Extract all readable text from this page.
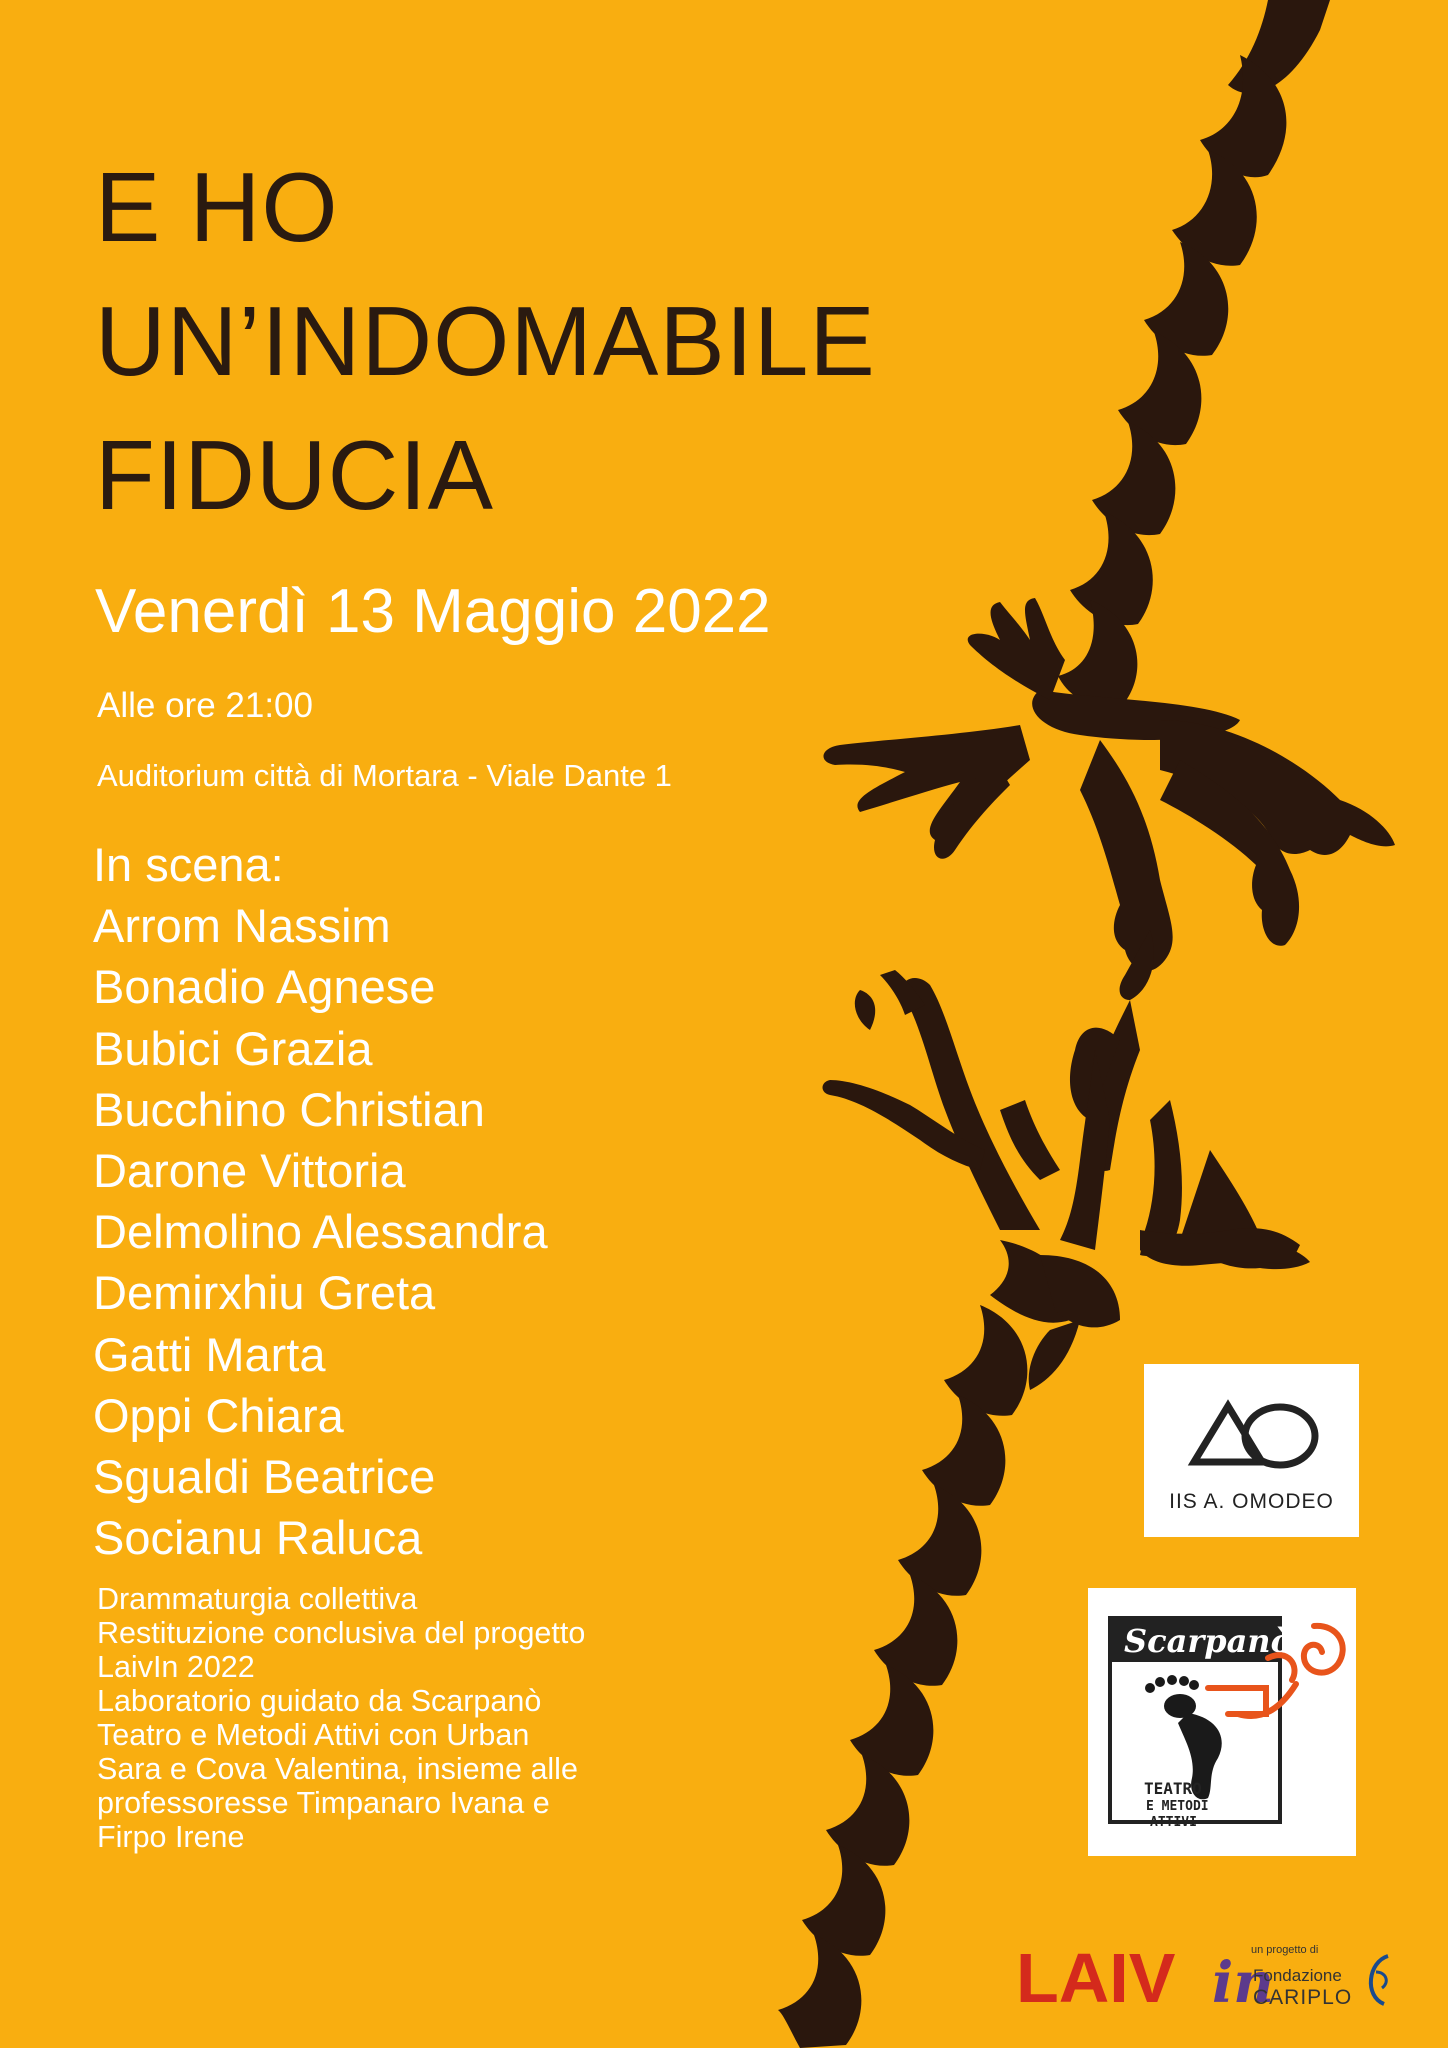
E HO
UN’INDOMABILE
FIDUCIA
Venerdì 13 Maggio 2022
Alle ore 21:00
Auditorium città di Mortara - Viale Dante 1
In scena:
Arrom Nassim
Bonadio Agnese
Bubici Grazia
Bucchino Christian
Darone Vittoria
Delmolino Alessandra
Demirxhiu Greta
Gatti Marta
Oppi Chiara
Sgualdi Beatrice
Socianu Raluca
Drammaturgia collettiva
Restituzione conclusiva del progetto
LaivIn 2022
Laboratorio guidato da Scarpanò
Teatro e Metodi Attivi con Urban
Sara e Cova Valentina, insieme alle
professoresse Timpanaro Ivana e
Firpo Irene
IIS A. OMODEO
Scarpanò
TEATRO
E METODI
ATTIVI
LAIV in
un progetto di
Fondazione
CARIPLO
